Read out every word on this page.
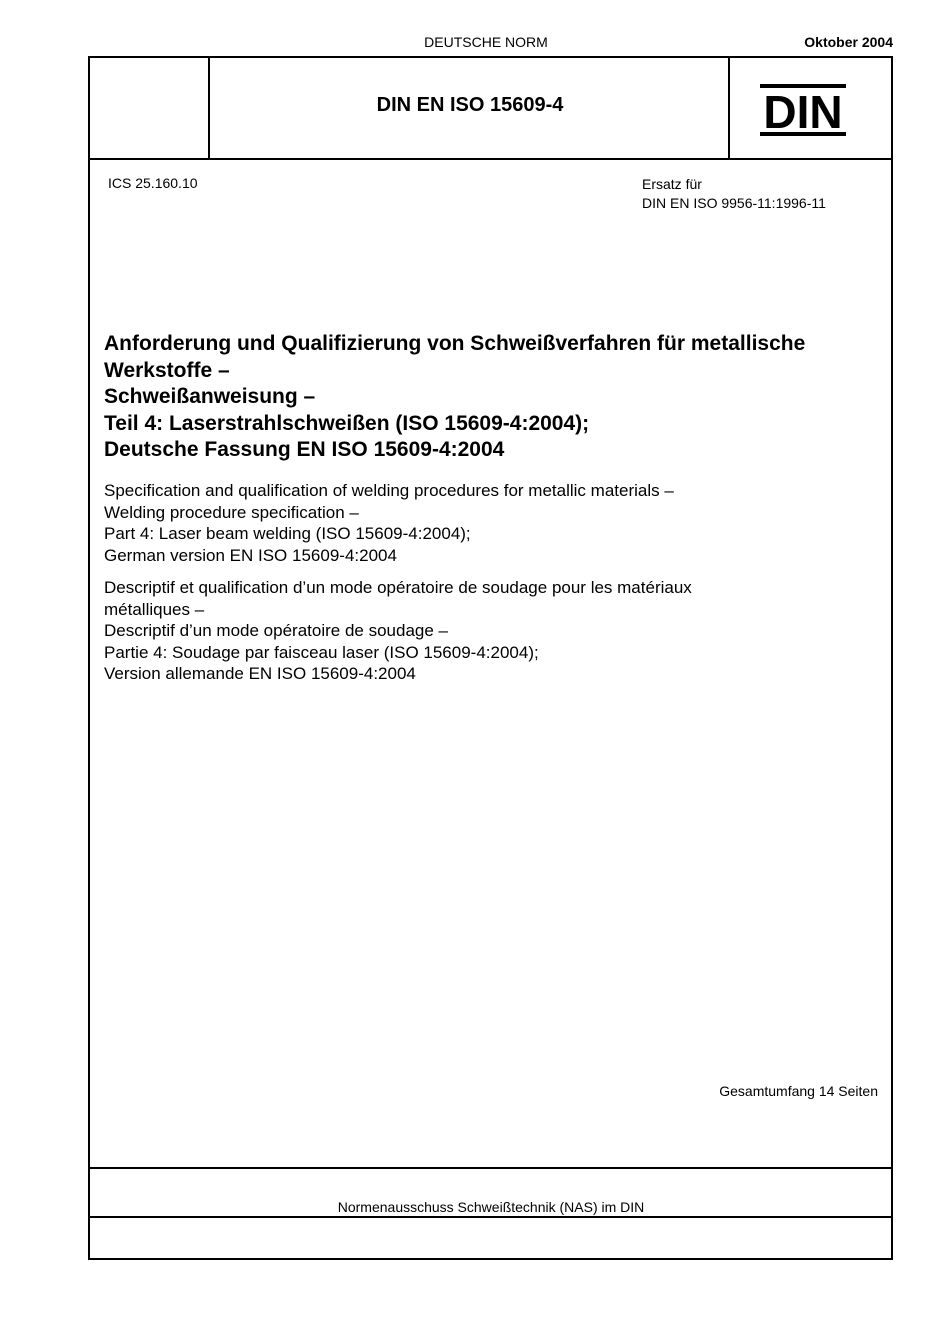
DEUTSCHE NORM	Oktober 2004
DIN EN ISO 15609-4	DIN
ICS 25.160.10	Ersatz für
DIN EN ISO 9956-11:1996-11
Anforderung und Qualifizierung von Schweißverfahren für metallische
Werkstoffe –
Schweißanweisung –
Teil 4: Laserstrahlschweißen (ISO 15609-4:2004);
Deutsche Fassung EN ISO 15609-4:2004
Specification and qualification of welding procedures for metallic materials –
Welding procedure specification –
Part 4: Laser beam welding (ISO 15609-4:2004);
German version EN ISO 15609-4:2004
Descriptif et qualification d’un mode opératoire de soudage pour les matériaux
métalliques –
Descriptif d’un mode opératoire de soudage –
Partie 4: Soudage par faisceau laser (ISO 15609-4:2004);
Version allemande EN ISO 15609-4:2004
Gesamtumfang 14 Seiten
Normenausschuss Schweißtechnik (NAS) im DIN
